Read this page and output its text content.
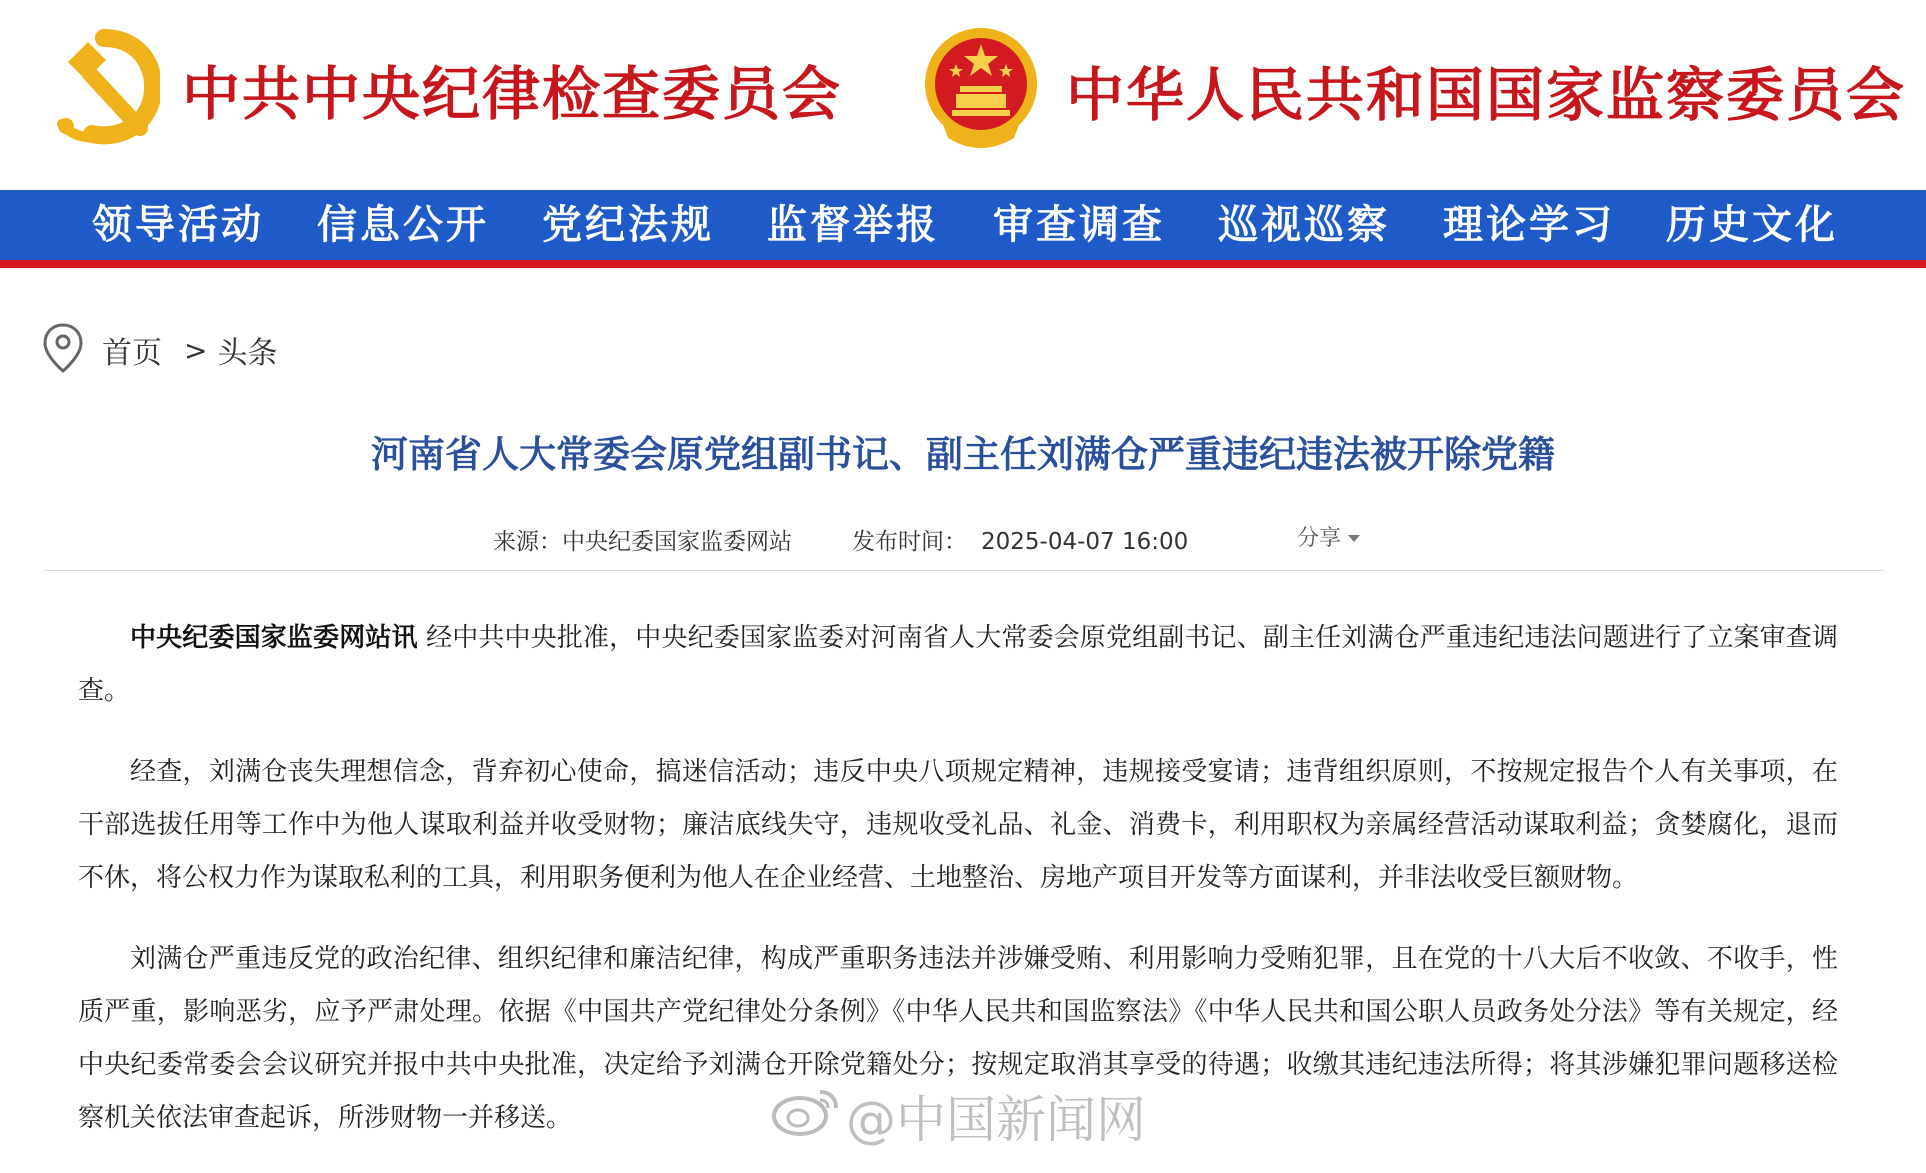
中共中央纪律检查委员会	中华人民共和国国家监察委员会
领导活动 信息公开 党纪法规 监督举报 审查调查 巡视巡察 理论学习 历史文化
首页 > 头条
河南省人大常委会原党组副书记、副主任刘满仓严重违纪违法被开除党籍
来源：中央纪委国家监委网站	发布时间： 2025-04-07 16:00	分享

中央纪委国家监委网站讯 经中共中央批准，中央纪委国家监委对河南省人大常委会原党组副书记、副主任刘满仓严重违纪违法问题进行了立案审查调查。

经查，刘满仓丧失理想信念，背弃初心使命，搞迷信活动；违反中央八项规定精神，违规接受宴请；违背组织原则，不按规定报告个人有关事项，在干部选拔任用等工作中为他人谋取利益并收受财物；廉洁底线失守，违规收受礼品、礼金、消费卡，利用职权为亲属经营活动谋取利益；贪婪腐化，退而不休，将公权力作为谋取私利的工具，利用职务便利为他人在企业经营、土地整治、房地产项目开发等方面谋利，并非法收受巨额财物。

刘满仓严重违反党的政治纪律、组织纪律和廉洁纪律，构成严重职务违法并涉嫌受贿、利用影响力受贿犯罪，且在党的十八大后不收敛、不收手，性质严重，影响恶劣，应予严肃处理。依据《中国共产党纪律处分条例》《中华人民共和国监察法》《中华人民共和国公职人员政务处分法》等有关规定，经中央纪委常委会会议研究并报中共中央批准，决定给予刘满仓开除党籍处分；按规定取消其享受的待遇；收缴其违纪违法所得；将其涉嫌犯罪问题移送检察机关依法审查起诉，所涉财物一并移送。	@中国新闻网
